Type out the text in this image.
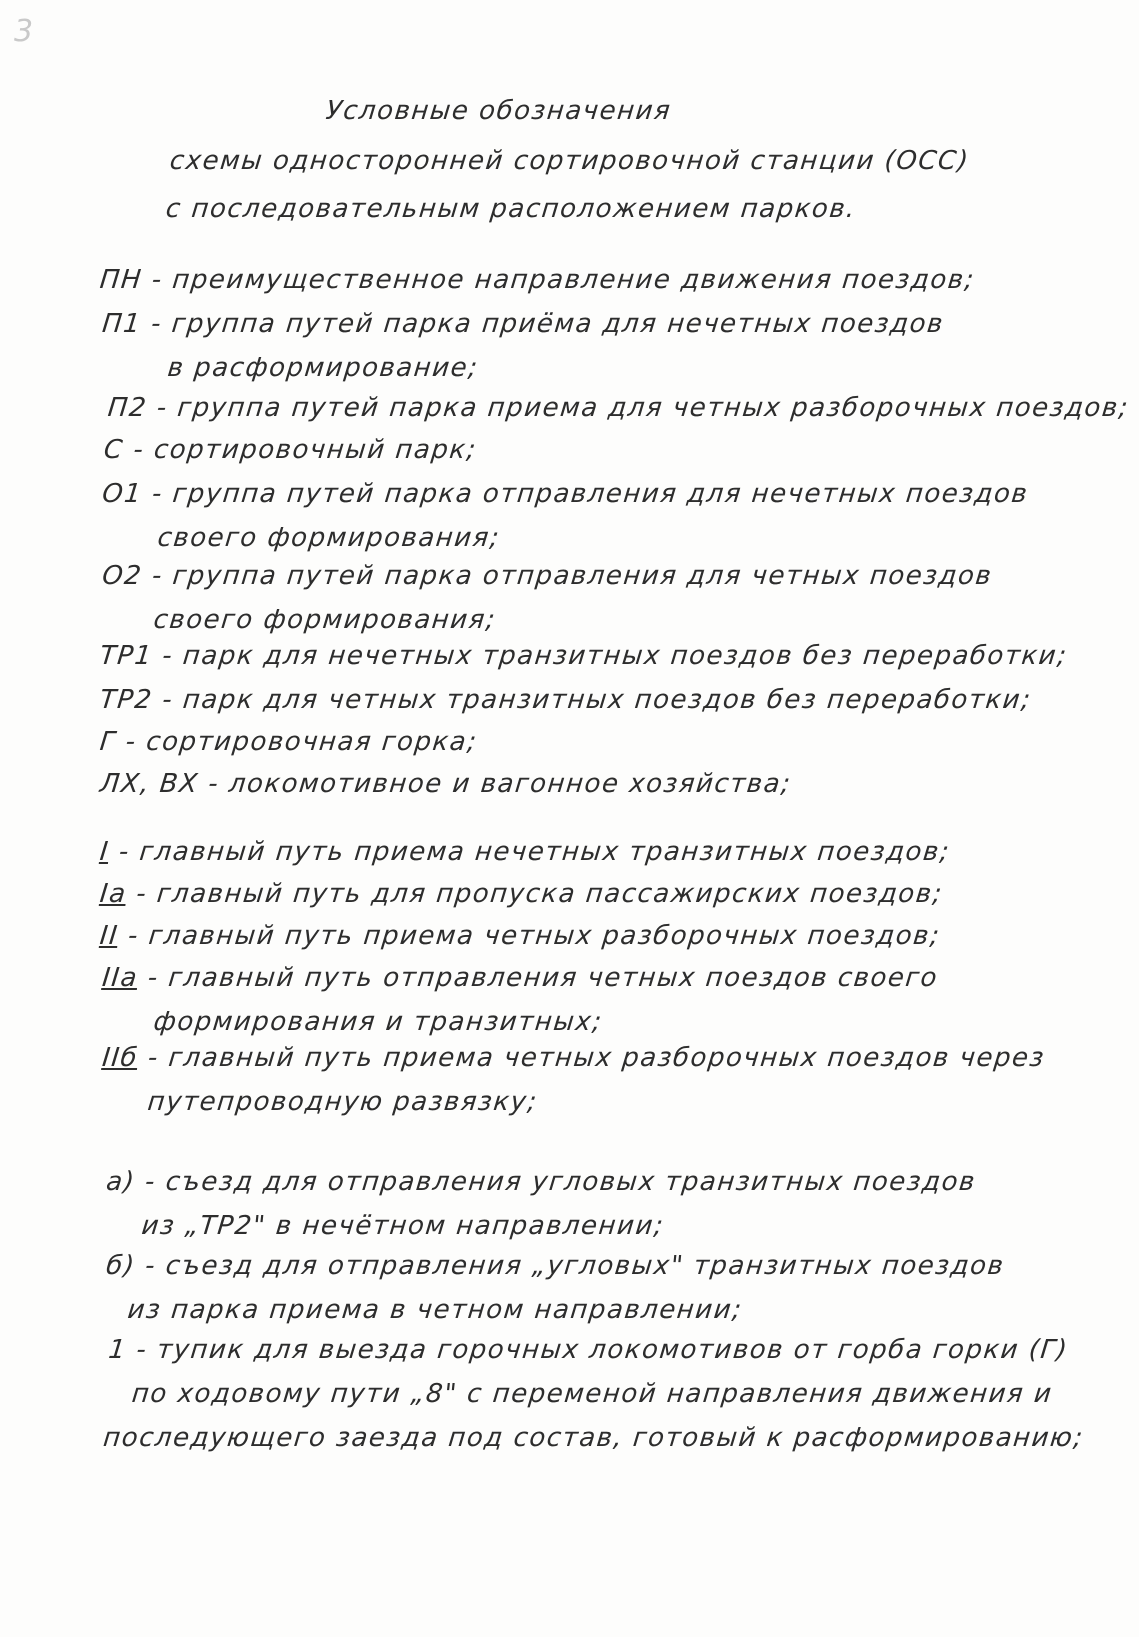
3
Условные обозначения
схемы односторонней сортировочной станции (ОСС)
с последовательным расположением парков.
ПН - преимущественное направление движения поездов;
П1 - группа путей парка приёма для нечетных поездов
в расформирование;
П2 - группа путей парка приема для четных разборочных поездов;
С - сортировочный парк;
О1 - группа путей парка отправления для нечетных поездов
своего формирования;
О2 - группа путей парка отправления для четных поездов
своего формирования;
ТР1 - парк для нечетных транзитных поездов без переработки;
ТР2 - парк для четных транзитных поездов без переработки;
Г - сортировочная горка;
ЛХ, ВХ - локомотивное и вагонное хозяйства;
I - главный путь приема нечетных транзитных поездов;
Iа - главный путь для пропуска пассажирских поездов;
II - главный путь приема четных разборочных поездов;
IIа - главный путь отправления четных поездов своего
формирования и транзитных;
IIб - главный путь приема четных разборочных поездов через
путепроводную развязку;
а) - съезд для отправления угловых транзитных поездов
из „ТР2" в нечётном направлении;
б) - съезд для отправления „угловых" транзитных поездов
из парка приема в четном направлении;
1 - тупик для выезда горочных локомотивов от горба горки (Г)
по ходовому пути „8" с переменой направления движения и
последующего заезда под состав, готовый к расформированию;
